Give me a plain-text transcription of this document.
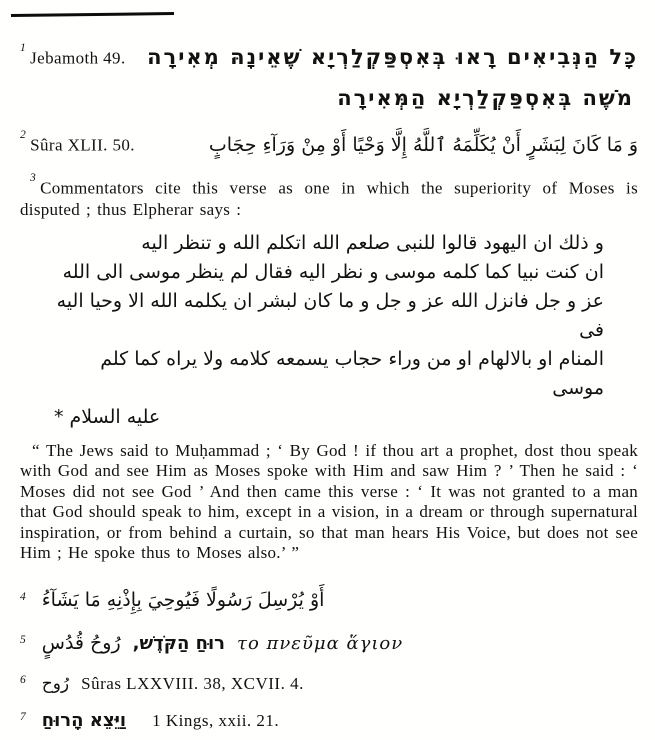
$^1$Jebamoth 49. כָּל הַנְּבִיאִים רָאוּ בְּאִסְפַּקְלַרְיָא שֶׁאֵינָהּ מְאִירָה
מֹשֶׁה בְּאִסְפַּקְלַרְיָא הַמְּאִירָה
$^2$Sûra XLII. 50.	وَ مَا كَانَ لِبَشَرٍ أَنْ يُكَلِّمَهُ ٱللَّهُ إِلَّا وَحْيًا أَوْ مِنْ وَرَآءِ حِجَابٍ

$^3$Commentators cite this verse as one in which the superiority of Moses is disputed ; thus Elpherar says :

و ذلك ان اليهود قالوا للنبى صلعم الله اتكلم الله و تنظر اليه
ان كنت نبيا كما كلمه موسى و نظر اليه فقال لم ينظر موسى الى الله
عز و جل فانزل الله عز و جل و ما كان لبشر ان يكلمه الله الا وحيا اليه فى
المنام او بالالهام او من وراء حجاب يسمعه كلامه ولا يراه كما كلم موسى
عليه السلام *

“ The Jews said to Muḥammad ; ‘ By God ! if thou art a prophet, dost thou speak with God and see Him as Moses spoke with Him and saw Him ? ’ Then he said : ‘ Moses did not see God ’ And then came this verse : ‘ It was not granted to a man that God should speak to him, except in a vision, in a dream or through supernatural inspiration, or from behind a curtain, so that man hears His Voice, but does not see Him ; He spoke thus to Moses also.’ ”

$^4$ أَوْ يُرْسِلَ رَسُولًا فَيُوحِيَ بِإِذْنِهِ مَا يَشَآءُ
$^5$ رُوحُ قُدُسٍ רוּחַ הַקֹּדֶשׁ, το πνεῦμα ἅγιον
$^6$ رُوح Sûras LXXVIII. 38, XCVII. 4.
$^7$ וַיֵּצֵא הָרוּחַ 1 Kings, xxii. 21.
